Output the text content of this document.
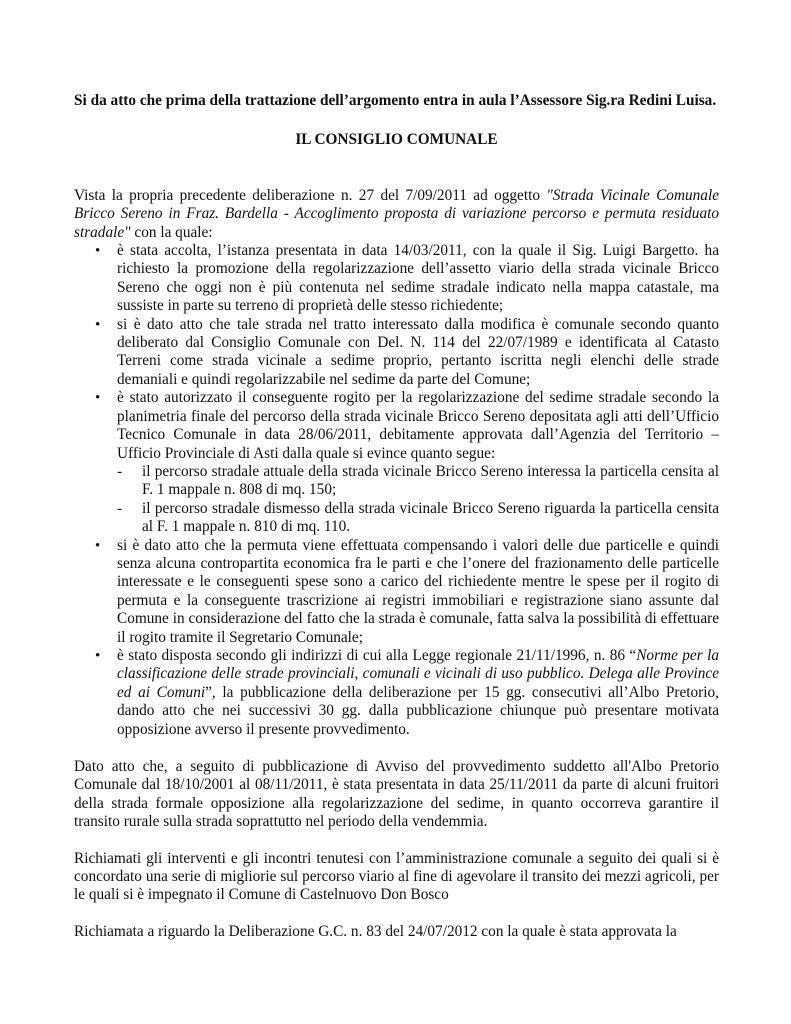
Si da atto che prima della trattazione dell’argomento entra in aula l’Assessore Sig.ra Redini Luisa.

IL CONSIGLIO COMUNALE

Vista la propria precedente deliberazione n. 27 del 7/09/2011 ad oggetto "Strada Vicinale Comunale Bricco Sereno in Fraz. Bardella - Accoglimento proposta di variazione percorso e permuta residuato stradale" con la quale:

• è stata accolta, l’istanza presentata in data 14/03/2011, con la quale il Sig. Luigi Bargetto. ha richiesto la promozione della regolarizzazione dell’assetto viario della strada vicinale Bricco Sereno che oggi non è più contenuta nel sedime stradale indicato nella mappa catastale, ma sussiste in parte su terreno di proprietà delle stesso richiedente;
• si è dato atto che tale strada nel tratto interessato dalla modifica è comunale secondo quanto deliberato dal Consiglio Comunale con Del. N. 114 del 22/07/1989 e identificata al Catasto Terreni come strada vicinale a sedime proprio, pertanto iscritta negli elenchi delle strade demaniali e quindi regolarizzabile nel sedime da parte del Comune;
• è stato autorizzato il conseguente rogito per la regolarizzazione del sedime stradale secondo la planimetria finale del percorso della strada vicinale Bricco Sereno depositata agli atti dell’Ufficio Tecnico Comunale in data 28/06/2011, debitamente approvata dall’Agenzia del Territorio – Ufficio Provinciale di Asti dalla quale si evince quanto segue:
- il percorso stradale attuale della strada vicinale Bricco Sereno interessa la particella censita al F. 1 mappale n. 808 di mq. 150;
- il percorso stradale dismesso della strada vicinale Bricco Sereno riguarda la particella censita al F. 1 mappale n. 810 di mq. 110.
• si è dato atto che la permuta viene effettuata compensando i valori delle due particelle e quindi senza alcuna contropartita economica fra le parti e che l’onere del frazionamento delle particelle interessate e le conseguenti spese sono a carico del richiedente mentre le spese per il rogito di permuta e la conseguente trascrizione ai registri immobiliari e registrazione siano assunte dal Comune in considerazione del fatto che la strada è comunale, fatta salva la possibilità di effettuare il rogito tramite il Segretario Comunale;
• è stato disposta secondo gli indirizzi di cui alla Legge regionale 21/11/1996, n. 86 “Norme per la classificazione delle strade provinciali, comunali e vicinali di uso pubblico. Delega alle Province ed ai Comuni”, la pubblicazione della deliberazione per 15 gg. consecutivi all’Albo Pretorio, dando atto che nei successivi 30 gg. dalla pubblicazione chiunque può presentare motivata opposizione avverso il presente provvedimento.

Dato atto che, a seguito di pubblicazione di Avviso del provvedimento suddetto all'Albo Pretorio Comunale dal 18/10/2001 al 08/11/2011, è stata presentata in data 25/11/2011 da parte di alcuni fruitori della strada formale opposizione alla regolarizzazione del sedime, in quanto occorreva garantire il transito rurale sulla strada soprattutto nel periodo della vendemmia.

Richiamati gli interventi e gli incontri tenutesi con l’amministrazione comunale a seguito dei quali si è concordato una serie di migliorie sul percorso viario al fine di agevolare il transito dei mezzi agricoli, per le quali si è impegnato il Comune di Castelnuovo Don Bosco

Richiamata a riguardo la Deliberazione G.C. n. 83 del 24/07/2012 con la quale è stata approvata la
